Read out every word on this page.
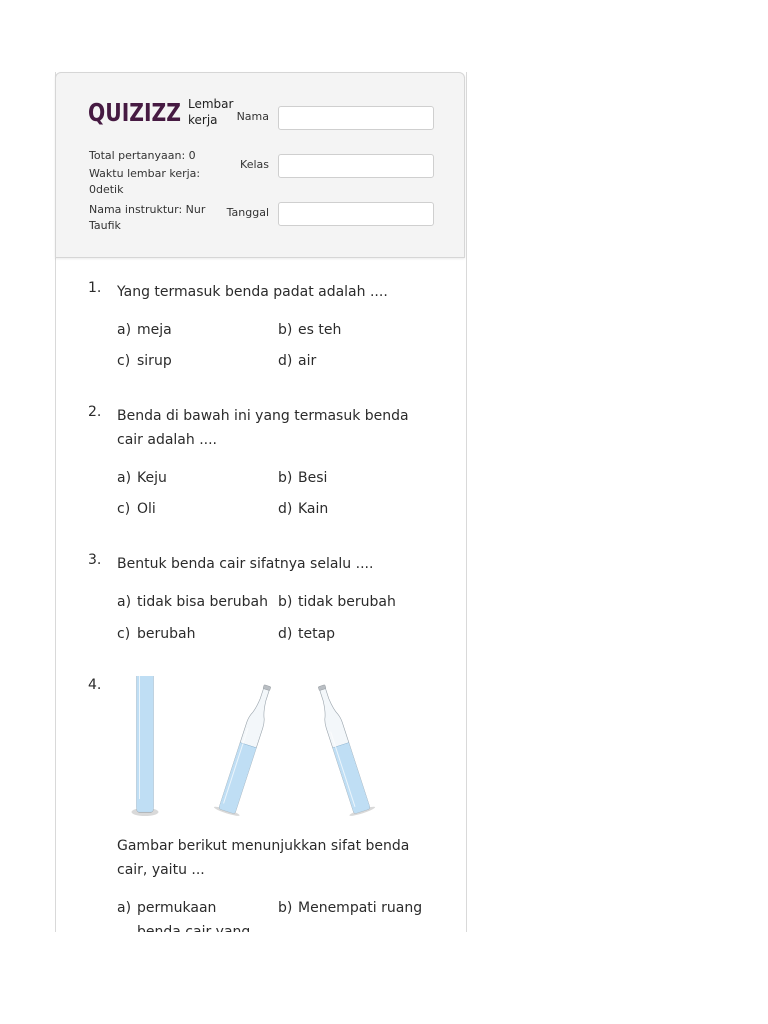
QUIZIZZ Lembar
kerja
Total pertanyaan: 0
Waktu lembar kerja:
0detik
Nama instruktur: Nur
Taufik
Nama
Kelas
Tanggal
1. Yang termasuk benda padat adalah ....
a) meja	b) es teh
c) sirup	d) air
2. Benda di bawah ini yang termasuk benda cair adalah ....
a) Keju	b) Besi
c) Oli	d) Kain
3. Bentuk benda cair sifatnya selalu ....
a) tidak bisa berubah b) tidak berubah
c) berubah	d) tetap
4.
Gambar berikut menunjukkan sifat benda cair, yaitu ...
a) permukaan	b) Menempati ruang
